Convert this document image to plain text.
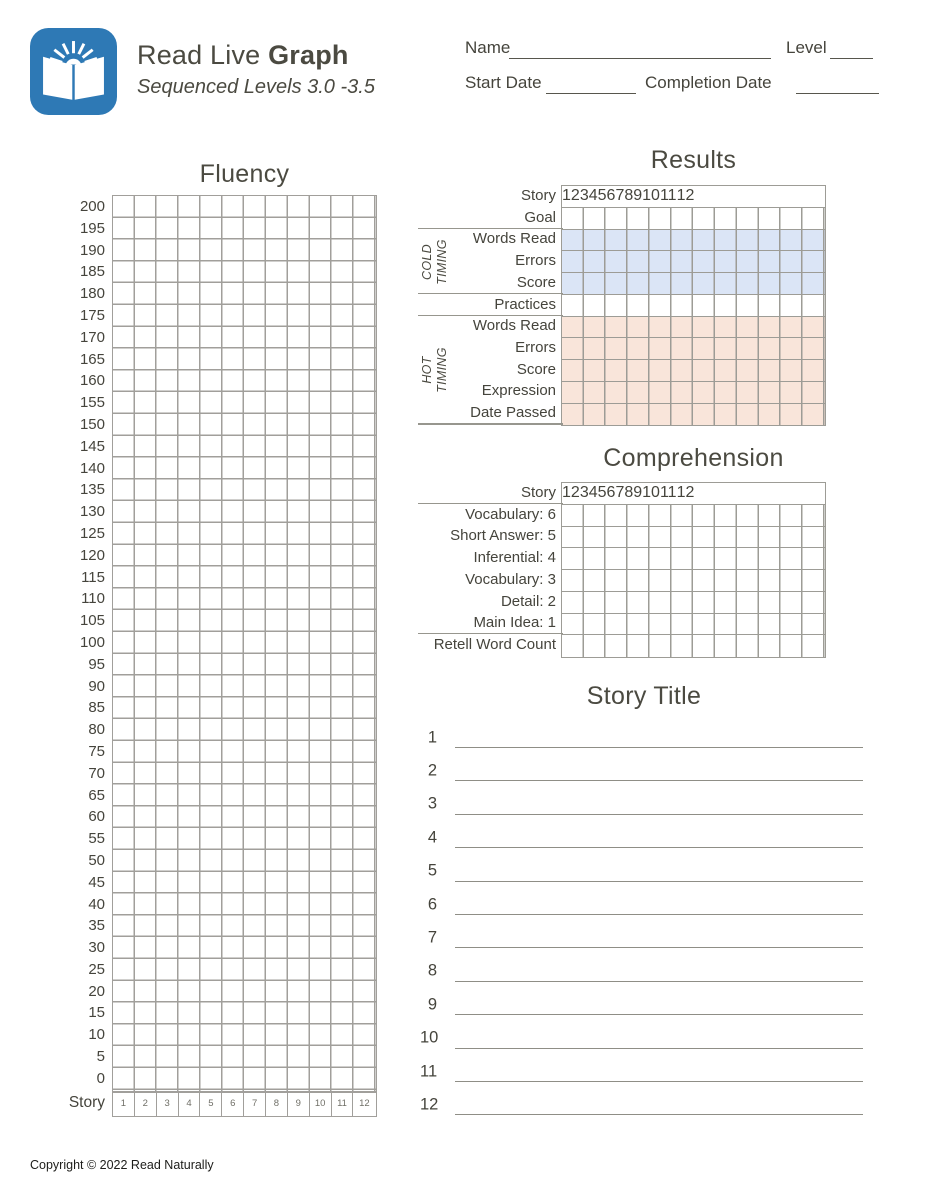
Read Live Graph
Sequenced Levels 3.0 -3.5
Name	Level
Start Date	Completion Date
Fluency
200
195
190
185
180
175
170
165
160
155
150
145
140
135
130
125
120
115
110
105
100
95
90
85
80
75
70
65
60
55
50
45
40
35
30
25
20
15
10
5
0
Story	1	2	3	4	5	6	7	8	9	10	11	12
Results
Story
Goal
Words Read
Errors
Score
Practices
Words Read
Errors
Score
Expression
Date Passed
COLD TIMING
HOT TIMING
1 2 3 4 5 6 7 8 9 10 11 12
Comprehension
Story
Vocabulary: 6
Short Answer: 5
Inferential: 4
Vocabulary: 3
Detail: 2
Main Idea: 1
Retell Word Count
1 2 3 4 5 6 7 8 9 10 11 12
Story Title
1
2
3
4
5
6
7
8
9
10
11
12
Copyright © 2022 Read Naturally
